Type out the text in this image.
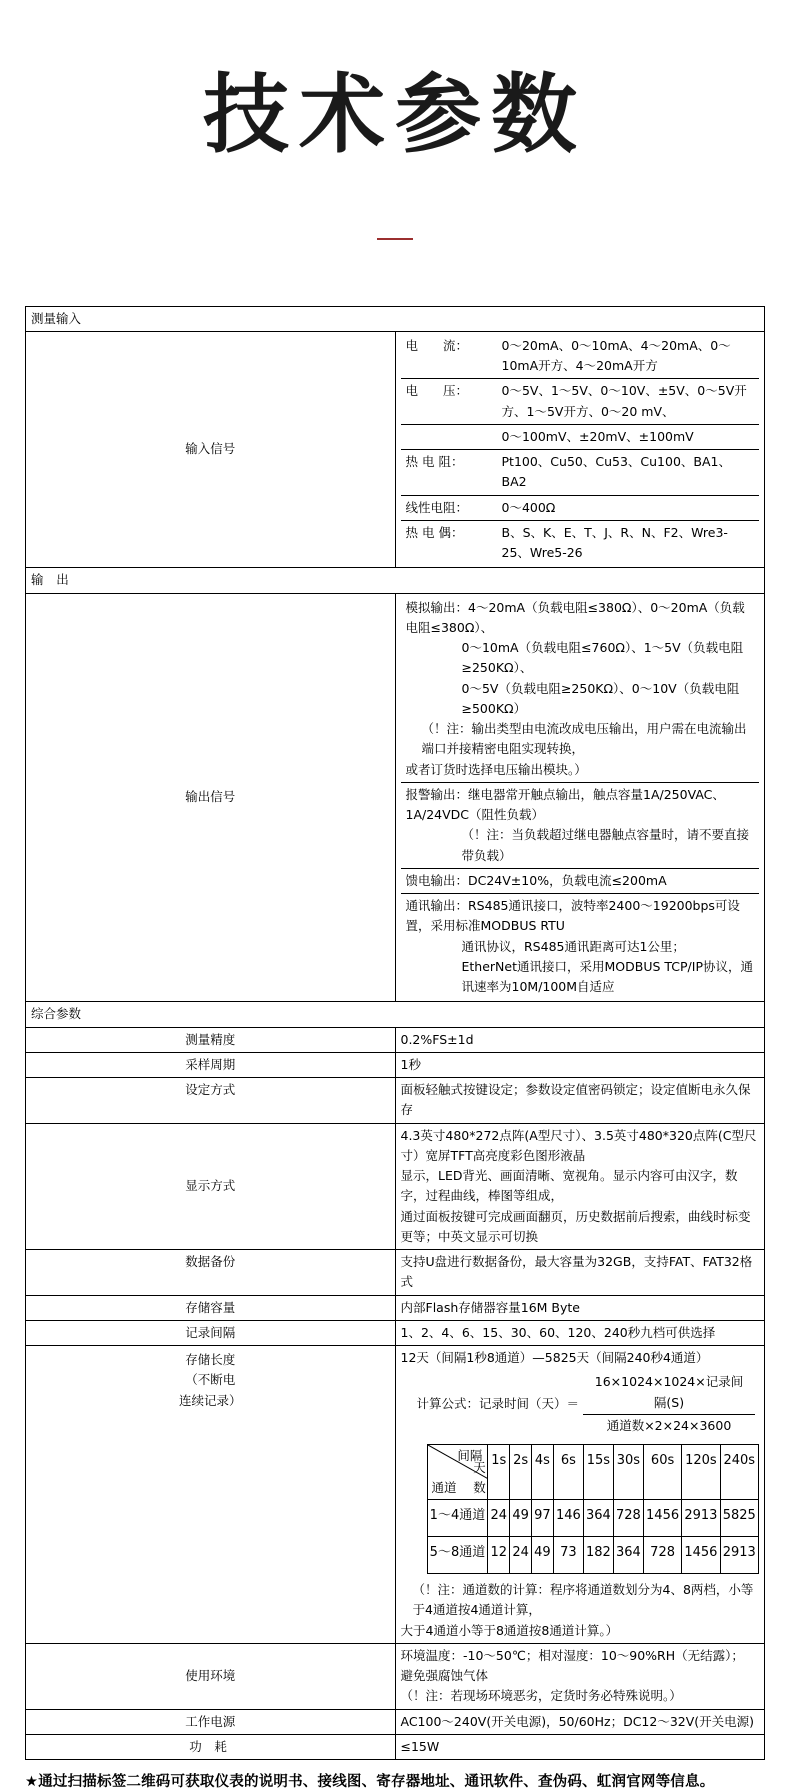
技术参数
测量输入
输入信号	
电　　流：	0～20mA、0～10mA、4～20mA、0～10mA开方、4～20mA开方
电　　压：	0～5V、1～5V、0～10V、±5V、0～5V开方、1～5V开方、0～20 mV、
	0～100mV、±20mV、±100mV
热 电 阻：	Pt100、Cu50、Cu53、Cu100、BA1、BA2
线性电阻：	0～400Ω
热 电 偶：	B、S、K、E、T、J、R、N、F2、Wre3-25、Wre5-26

输 出
输出信号	
模拟输出：4～20mA（负载电阻≤380Ω）、0～20mA（负载电阻≤380Ω）、
0～10mA（负载电阻≤760Ω）、1～5V（负载电阻≥250KΩ）、
0～5V（负载电阻≥250KΩ）、0～10V（负载电阻≥500KΩ）
（！注：输出类型由电流改成电压输出，用户需在电流输出端口并接精密电阻实现转换，
或者订货时选择电压输出模块。）

报警输出：继电器常开触点输出，触点容量1A/250VAC、1A/24VDC（阻性负载）
（！注：当负载超过继电器触点容量时，请不要直接带负载）

馈电输出：DC24V±10%，负载电流≤200mA

通讯输出：RS485通讯接口，波特率2400～19200bps可设置，采用标准MODBUS RTU
通讯协议，RS485通讯距离可达1公里；
EtherNet通讯接口，采用MODBUS TCP/IP协议，通讯速率为10M/100M自适应

综合参数
测量精度	0.2%FS±1d
采样周期	1秒
设定方式	面板轻触式按键设定；参数设定值密码锁定；设定值断电永久保存
显示方式	
4.3英寸480*272点阵(A型尺寸）、3.5英寸480*320点阵(C型尺寸）宽屏TFT高亮度彩色图形液晶
显示，LED背光、画面清晰、宽视角。显示内容可由汉字，数字，过程曲线，棒图等组成，
通过面板按键可完成画面翻页，历史数据前后搜索，曲线时标变更等；中英文显示可切换

数据备份	支持U盘进行数据备份，最大容量为32GB，支持FAT、FAT32格式
存储容量	内部Flash存储器容量16M Byte
记录间隔	1、2、4、6、15、30、60、120、240秒九档可供选择

存储长度
（不断电
连续记录）

12天（间隔1秒8通道）—5825天（间隔240秒4通道）
计算公式：记录时间（天）＝ $\frac{\text{16×1024×1024×记录间隔(S)}}{\text{通道数×2×24×3600}}$
间隔
通道
天数
	1s	2s	4s	6s	15s	30s	60s	120s	240s
1～4通道	24	49	97	146	364	728	1456	2913	5825
5～8通道	12	24	49	73	182	364	728	1456	2913
（！注：通道数的计算：程序将通道数划分为4、8两档，小等于4通道按4通道计算，
大于4通道小等于8通道按8通道计算。）

使用环境	
环境温度：-10～50℃；相对湿度：10～90%RH（无结露）； 避免强腐蚀气体
（！注：若现场环境恶劣，定货时务必特殊说明。）

工作电源	AC100～240V(开关电源)，50/60Hz；DC12～32V(开关电源)
功 耗	≤15W
★通过扫描标签二维码可获取仪表的说明书、接线图、寄存器地址、通讯软件、查伪码、虹润官网等信息。
